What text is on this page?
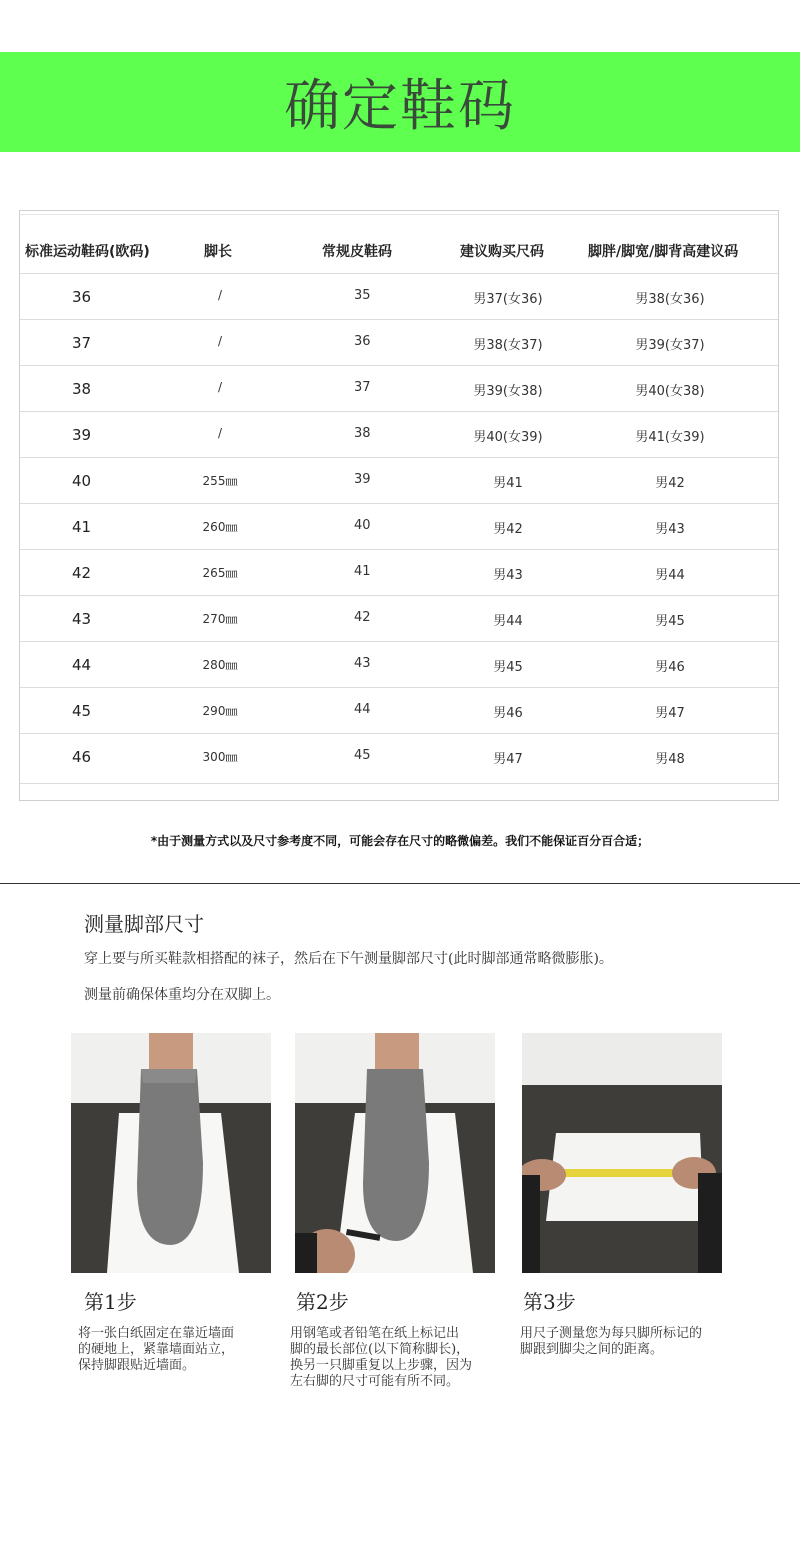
确定鞋码
标准运动鞋码(欧码)	脚长	常规皮鞋码	建议购买尺码	脚胖/脚宽/脚背高建议码
36	/	35	男37(女36)	男38(女36)
37	/	36	男38(女37)	男39(女37)
38	/	37	男39(女38)	男40(女38)
39	/	38	男40(女39)	男41(女39)
40	255㎜	39	男41	男42
41	260㎜	40	男42	男43
42	265㎜	41	男43	男44
43	270㎜	42	男44	男45
44	280㎜	43	男45	男46
45	290㎜	44	男46	男47
46	300㎜	45	男47	男48
*由于测量方式以及尺寸参考度不同，可能会存在尺寸的略微偏差。我们不能保证百分百合适；
测量脚部尺寸
穿上要与所买鞋款相搭配的袜子，然后在下午测量脚部尺寸(此时脚部通常略微膨胀)。
测量前确保体重均分在双脚上。
第1步	第2步	第3步
将一张白纸固定在靠近墙面
的硬地上，紧靠墙面站立，
保持脚跟贴近墙面。
用钢笔或者铅笔在纸上标记出
脚的最长部位(以下简称脚长)，
换另一只脚重复以上步骤，因为
左右脚的尺寸可能有所不同。
用尺子测量您为每只脚所标记的
脚跟到脚尖之间的距离。
